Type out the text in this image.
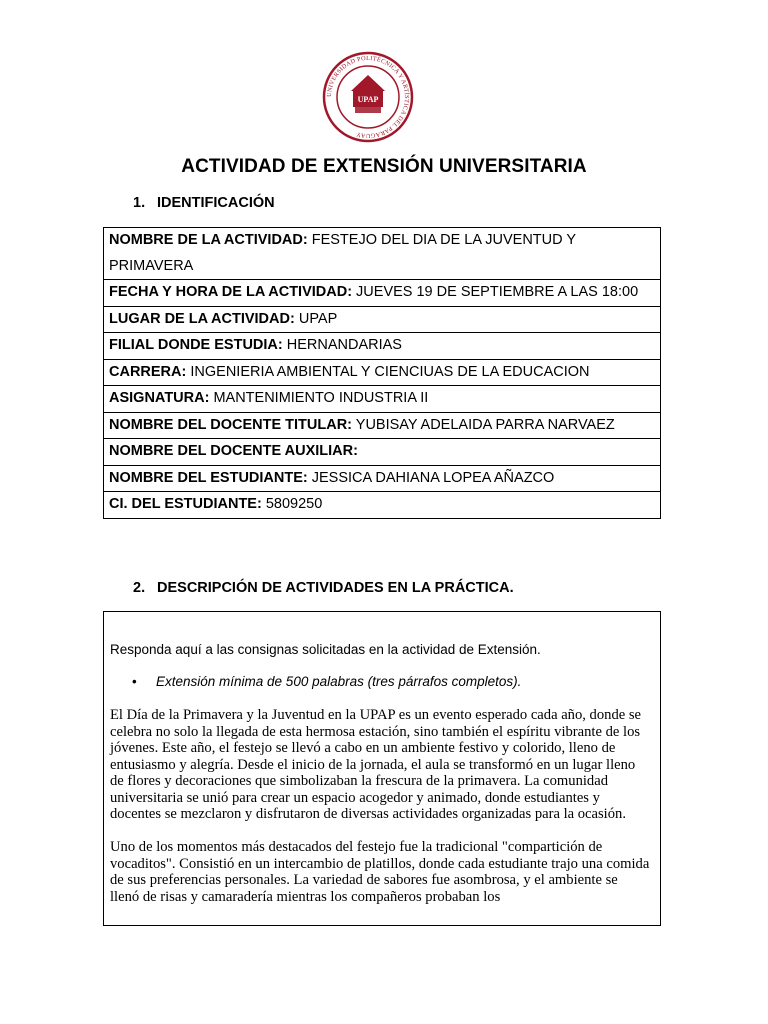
UNIVERSIDAD POLITÉCNICA Y ARTÍSTICA DEL PARAGUAY
UPAP
ACTIVIDAD DE EXTENSIÓN UNIVERSITARIA
1. IDENTIFICACIÓN
NOMBRE DE LA ACTIVIDAD: FESTEJO DEL DIA DE LA JUVENTUD Y PRIMAVERA
FECHA Y HORA DE LA ACTIVIDAD: JUEVES 19 DE SEPTIEMBRE A LAS 18:00
LUGAR DE LA ACTIVIDAD: UPAP
FILIAL DONDE ESTUDIA: HERNANDARIAS
CARRERA: INGENIERIA AMBIENTAL Y CIENCIUAS DE LA EDUCACION
ASIGNATURA: MANTENIMIENTO INDUSTRIA II
NOMBRE DEL DOCENTE TITULAR: YUBISAY ADELAIDA PARRA NARVAEZ
NOMBRE DEL DOCENTE AUXILIAR:
NOMBRE DEL ESTUDIANTE: JESSICA DAHIANA LOPEA AÑAZCO
CI. DEL ESTUDIANTE: 5809250
2. DESCRIPCIÓN DE ACTIVIDADES EN LA PRÁCTICA.
Responda aquí a las consignas solicitadas en la actividad de Extensión.
• Extensión mínima de 500 palabras (tres párrafos completos).

El Día de la Primavera y la Juventud en la UPAP es un evento esperado cada año, donde se celebra no solo la llegada de esta hermosa estación, sino también el espíritu vibrante de los jóvenes. Este año, el festejo se llevó a cabo en un ambiente festivo y colorido, lleno de entusiasmo y alegría. Desde el inicio de la jornada, el aula se transformó en un lugar lleno de flores y decoraciones que simbolizaban la frescura de la primavera. La comunidad universitaria se unió para crear un espacio acogedor y animado, donde estudiantes y docentes se mezclaron y disfrutaron de diversas actividades organizadas para la ocasión.

Uno de los momentos más destacados del festejo fue la tradicional "compartición de vocaditos". Consistió en un intercambio de platillos, donde cada estudiante trajo una comida de sus preferencias personales. La variedad de sabores fue asombrosa, y el ambiente se llenó de risas y camaradería mientras los compañeros probaban los
